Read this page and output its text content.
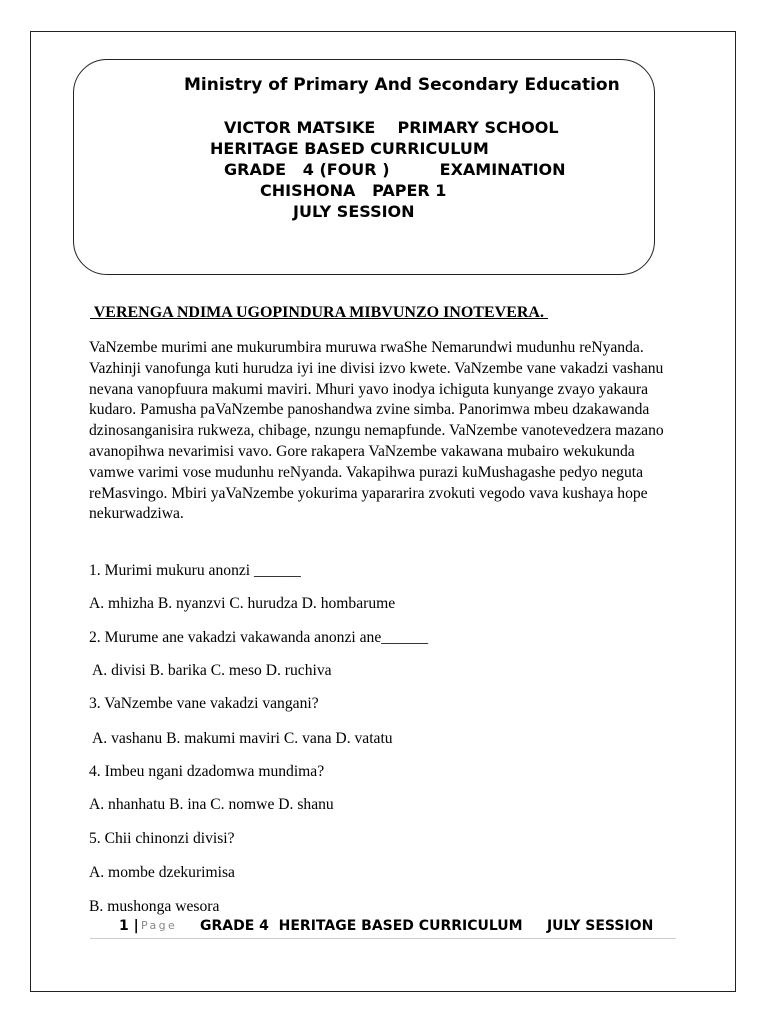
Ministry of Primary And Secondary Education
VICTOR MATSIKE    PRIMARY SCHOOL
HERITAGE BASED CURRICULUM
GRADE   4 (FOUR )         EXAMINATION
CHISHONA   PAPER 1
JULY SESSION
VERENGA NDIMA UGOPINDURA MIBVUNZO INOTEVERA.

VaNzembe murimi ane mukurumbira muruwa rwaShe Nemarundwi mudunhu reNyanda. Vazhinji vanofunga kuti hurudza iyi ine divisi izvo kwete. VaNzembe vane vakadzi vashanu nevana vanopfuura makumi maviri. Mhuri yavo inodya ichiguta kunyange zvayo yakaura kudaro. Pamusha paVaNzembe panoshandwa zvine simba. Panorimwa mbeu dzakawanda dzinosanganisira rukweza, chibage, nzungu nemapfunde. VaNzembe vanotevedzera mazano avanopihwa nevarimisi vavo. Gore rakapera VaNzembe vakawana mubairo wekukunda vamwe varimi vose mudunhu reNyanda. Vakapihwa purazi kuMushagashe pedyo neguta reMasvingo. Mbiri yaVaNzembe yokurima yapararira zvokuti vegodo vava kushaya hope nekurwadziwa.

1. Murimi mukuru anonzi ______
A. mhizha B. nyanzvi C. hurudza D. hombarume
2. Murume ane vakadzi vakawanda anonzi ane______
A. divisi B. barika C. meso D. ruchiva
3. VaNzembe vane vakadzi vangani?
A. vashanu B. makumi maviri C. vana D. vatatu
4. Imbeu ngani dzadomwa mundima?
A. nhanhatu B. ina C. nomwe D. shanu
5. Chii chinonzi divisi?
A. mombe dzekurimisa
B. mushonga wesora

1 |

Page

GRADE 4  HERITAGE BASED CURRICULUM     JULY SESSION
